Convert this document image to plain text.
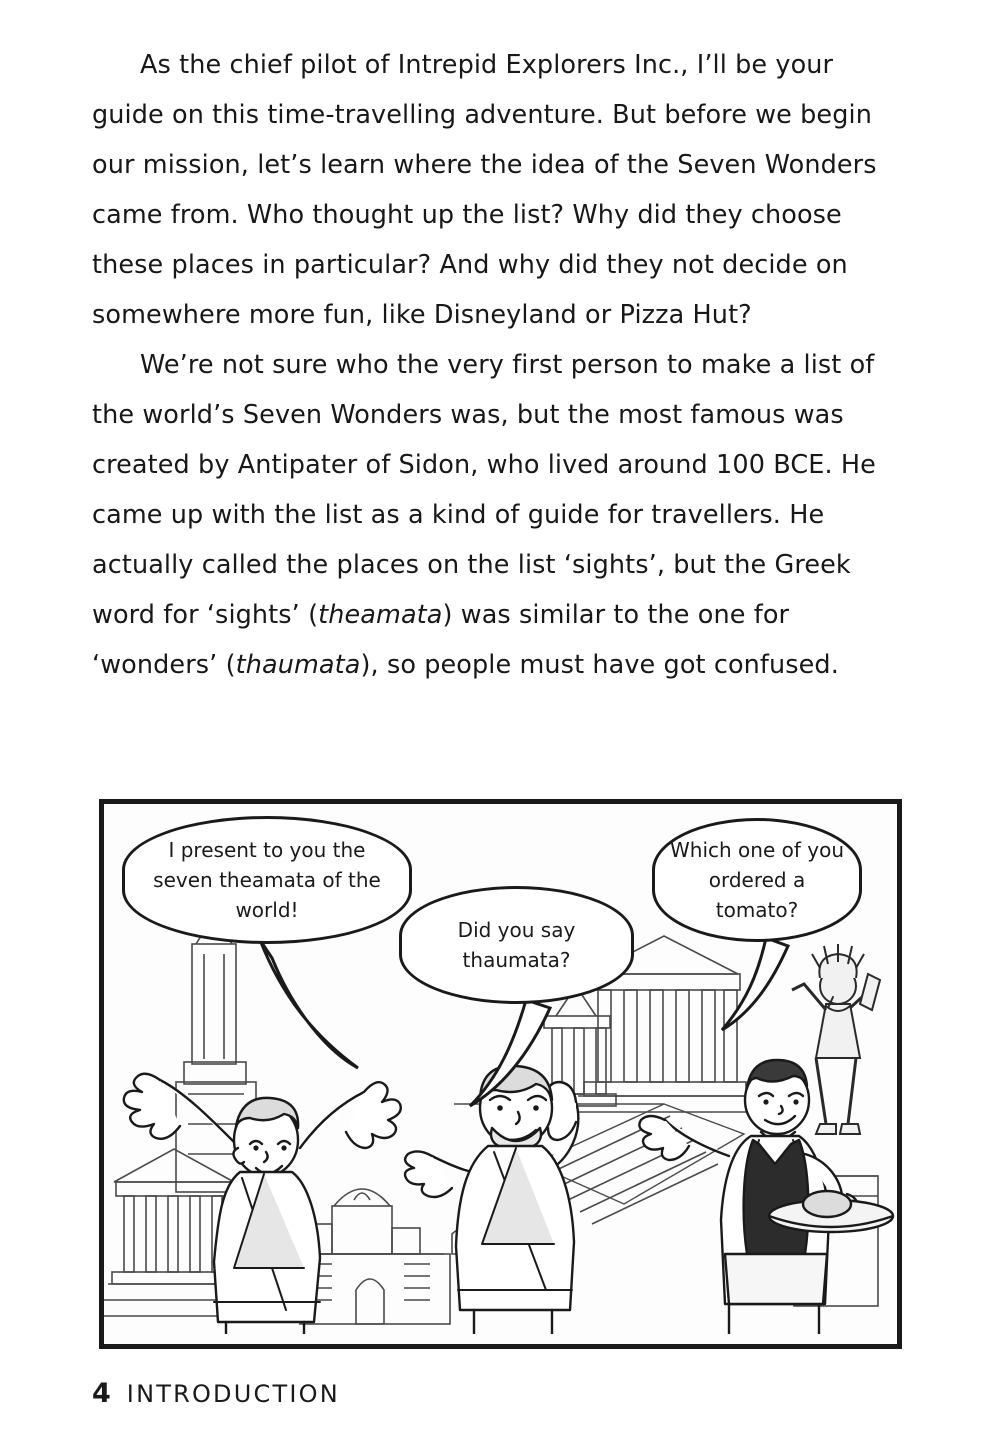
As the chief pilot of Intrepid Explorers Inc., I’ll be your guide on this time-travelling adventure. But before we begin our mission, let’s learn where the idea of the Seven Wonders came from. Who thought up the list? Why did they choose these places in particular? And why did they not decide on somewhere more fun, like Disneyland or Pizza Hut?

We’re not sure who the very first person to make a list of the world’s Seven Wonders was, but the most famous was created by Antipater of Sidon, who lived around 100 BCE. He came up with the list as a kind of guide for travellers. He actually called the places on the list ‘sights’, but the Greek word for ‘sights’ (theamata) was similar to the one for ‘wonders’ (thaumata), so people must have got confused.

I present to you the seven theamata of the world!
Did you say thaumata?
Which one of you ordered a tomato?
4 INTRODUCTION
